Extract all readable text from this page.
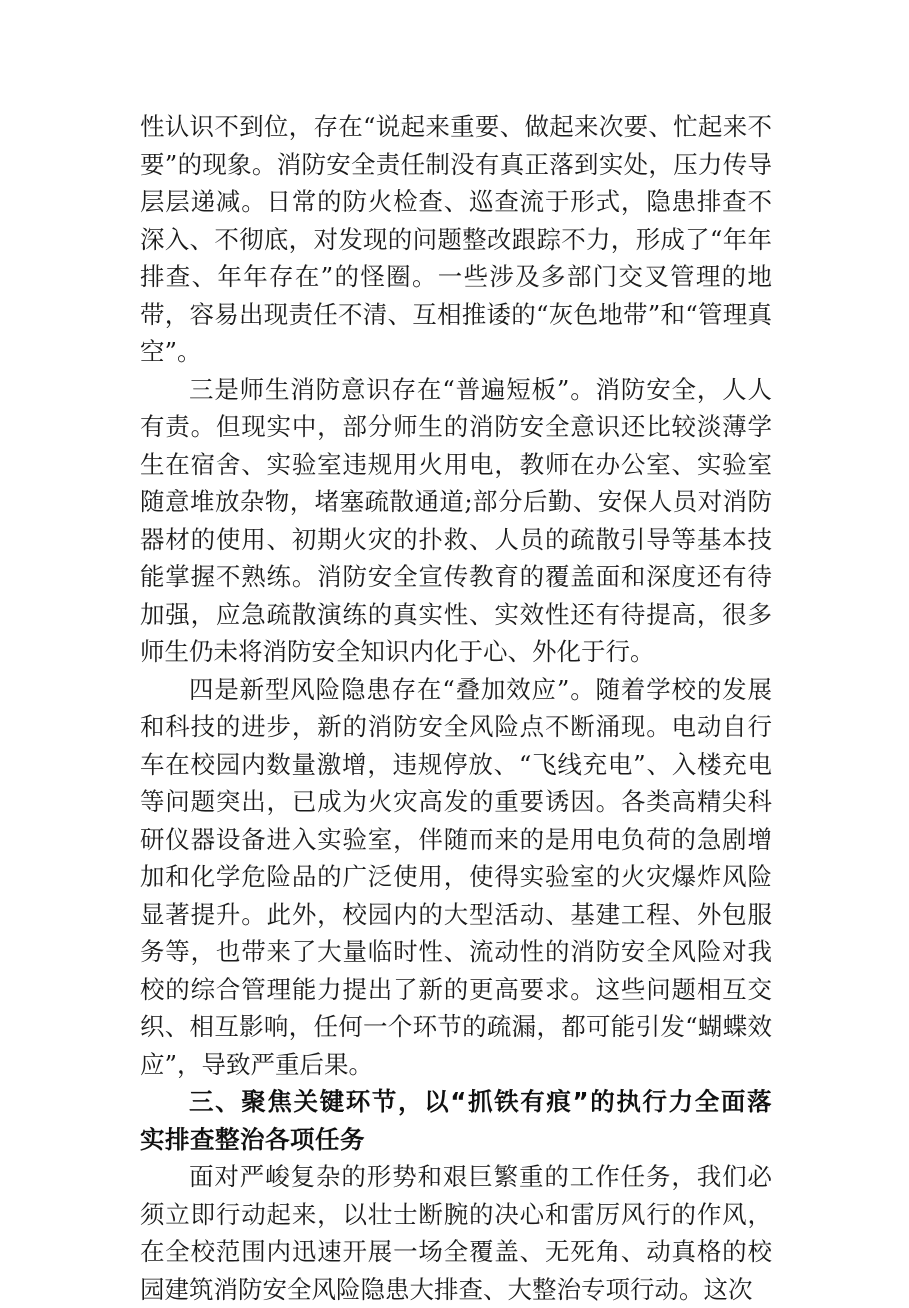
性认识不到位，存在“说起来重要、做起来次要、忙起来不要”的现象。消防安全责任制没有真正落到实处，压力传导层层递减。日常的防火检查、巡查流于形式，隐患排查不深入、不彻底，对发现的问题整改跟踪不力，形成了“年年排查、年年存在”的怪圈。一些涉及多部门交叉管理的地带，容易出现责任不清、互相推诿的“灰色地带”和“管理真空”。

三是师生消防意识存在“普遍短板”。消防安全，人人有责。但现实中，部分师生的消防安全意识还比较淡薄学生在宿舍、实验室违规用火用电，教师在办公室、实验室随意堆放杂物，堵塞疏散通道;部分后勤、安保人员对消防器材的使用、初期火灾的扑救、人员的疏散引导等基本技能掌握不熟练。消防安全宣传教育的覆盖面和深度还有待加强，应急疏散演练的真实性、实效性还有待提高，很多师生仍未将消防安全知识内化于心、外化于行。

四是新型风险隐患存在“叠加效应”。随着学校的发展和科技的进步，新的消防安全风险点不断涌现。电动自行车在校园内数量激增，违规停放、“飞线充电”、入楼充电等问题突出，已成为火灾高发的重要诱因。各类高精尖科研仪器设备进入实验室，伴随而来的是用电负荷的急剧增加和化学危险品的广泛使用，使得实验室的火灾爆炸风险显著提升。此外，校园内的大型活动、基建工程、外包服务等，也带来了大量临时性、流动性的消防安全风险对我校的综合管理能力提出了新的更高要求。这些问题相互交织、相互影响，任何一个环节的疏漏，都可能引发“蝴蝶效应”，导致严重后果。

三、聚焦关键环节，以“抓铁有痕”的执行力全面落实排查整治各项任务

面对严峻复杂的形势和艰巨繁重的工作任务，我们必须立即行动起来，以壮士断腕的决心和雷厉风行的作风，在全校范围内迅速开展一场全覆盖、无死角、动真格的校园建筑消防安全风险隐患大排查、大整治专项行动。这次
